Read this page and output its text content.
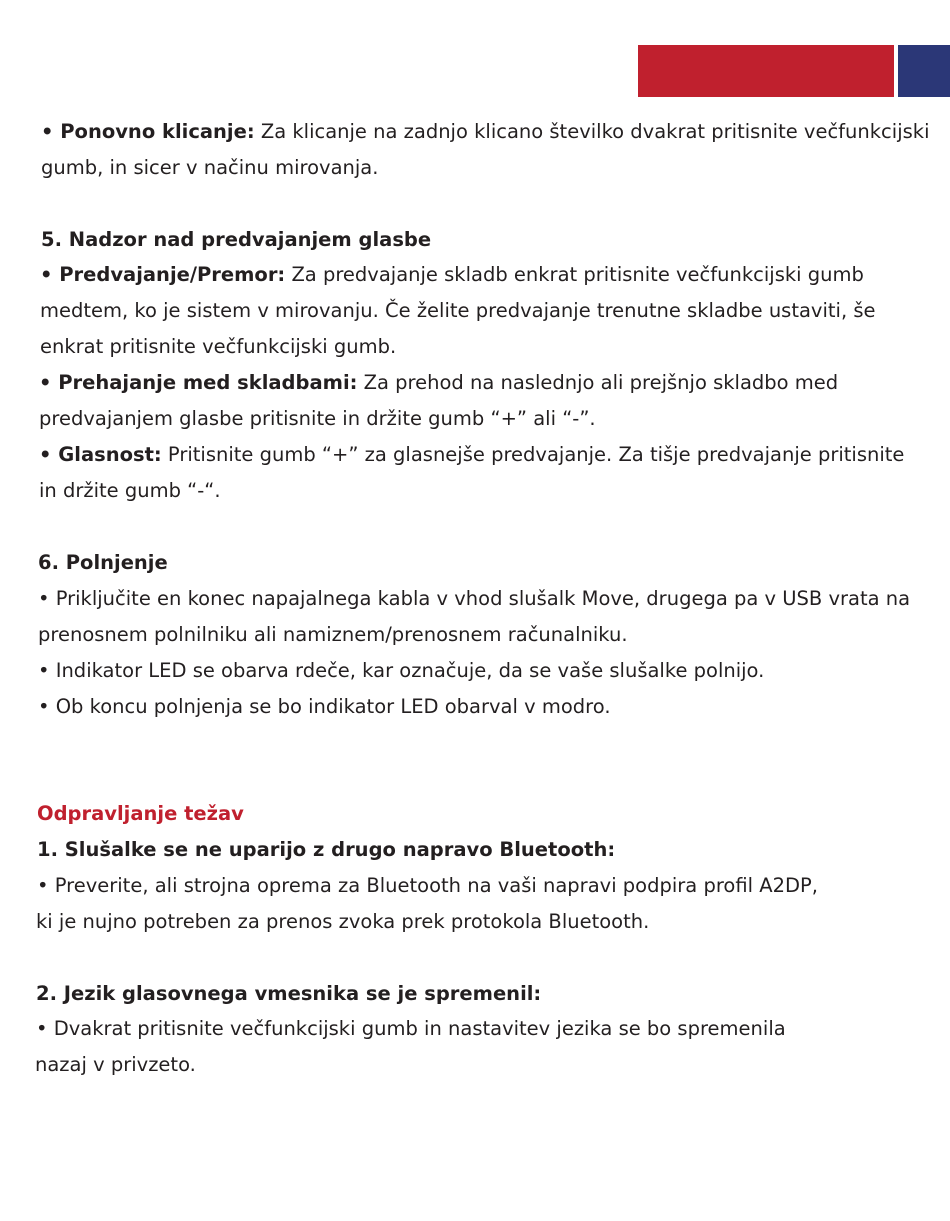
• Ponovno klicanje: Za klicanje na zadnjo klicano številko dvakrat pritisnite večfunkcijski

gumb, in sicer v načinu mirovanja.

5. Nadzor nad predvajanjem glasbe

• Predvajanje/Premor: Za predvajanje skladb enkrat pritisnite večfunkcijski gumb

medtem, ko je sistem v mirovanju. Če želite predvajanje trenutne skladbe ustaviti, še

enkrat pritisnite večfunkcijski gumb.

• Prehajanje med skladbami: Za prehod na naslednjo ali prejšnjo skladbo med

predvajanjem glasbe pritisnite in držite gumb “+” ali “-”.

• Glasnost: Pritisnite gumb “+” za glasnejše predvajanje. Za tišje predvajanje pritisnite

in držite gumb “-“.

6. Polnjenje

• Priključite en konec napajalnega kabla v vhod slušalk Move, drugega pa v USB vrata na

prenosnem polnilniku ali namiznem/prenosnem računalniku.

• Indikator LED se obarva rdeče, kar označuje, da se vaše slušalke polnijo.

• Ob koncu polnjenja se bo indikator LED obarval v modro.

Odpravljanje težav

1. Slušalke se ne uparijo z drugo napravo Bluetooth:

• Preverite, ali strojna oprema za Bluetooth na vaši napravi podpira profil A2DP,

ki je nujno potreben za prenos zvoka prek protokola Bluetooth.

2. Jezik glasovnega vmesnika se je spremenil:

• Dvakrat pritisnite večfunkcijski gumb in nastavitev jezika se bo spremenila

nazaj v privzeto.
